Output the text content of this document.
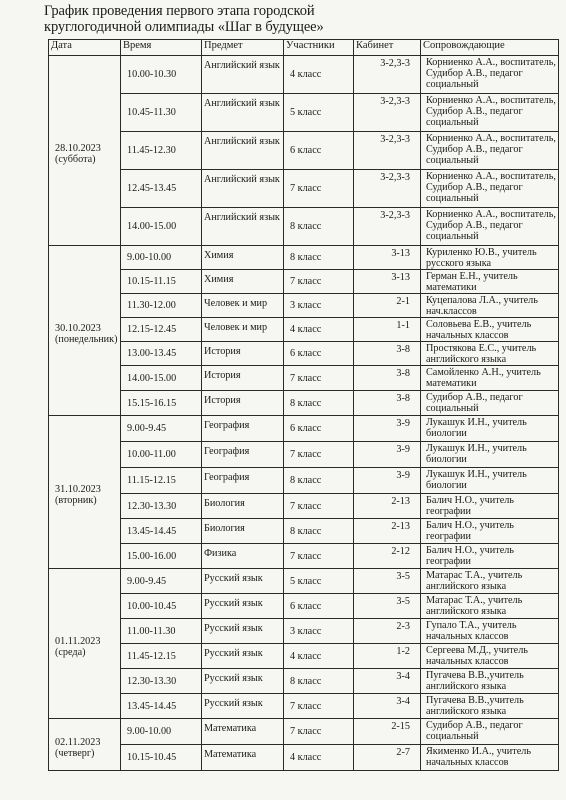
График проведения первого этапа городской
круглогодичной олимпиады «Шаг в будущее»
Дата	Время	Предмет	Участники	Кабинет	Сопровождающие

28.10.2023
(суббота)	10.00-10.30	Английский язык	4 класс	3-2,3-3	Корниенко А.А., воспитатель, Судибор А.В., педагог социальный
	10.45-11.30	Английский язык	5 класс	3-2,3-3	Корниенко А.А., воспитатель, Судибор А.В., педагог социальный
	11.45-12.30	Английский язык	6 класс	3-2,3-3	Корниенко А.А., воспитатель, Судибор А.В., педагог социальный
	12.45-13.45	Английский язык	7 класс	3-2,3-3	Корниенко А.А., воспитатель, Судибор А.В., педагог социальный
	14.00-15.00	Английский язык	8 класс	3-2,3-3	Корниенко А.А., воспитатель, Судибор А.В., педагог социальный

30.10.2023
(понедельник)	9.00-10.00	Химия	8 класс	3-13	Куриленко Ю.В., учитель русского языка
	10.15-11.15	Химия	7 класс	3-13	Герман Е.Н., учитель математики
	11.30-12.00	Человек и мир	3 класс	2-1	Куцепалова Л.А., учитель нач.классов
	12.15-12.45	Человек и мир	4 класс	1-1	Соловьева Е.В., учитель начальных классов
	13.00-13.45	История	6 класс	3-8	Простякова Е.С., учитель английского языка
	14.00-15.00	История	7 класс	3-8	Самойленко А.Н., учитель математики
	15.15-16.15	История	8 класс	3-8	Судибор А.В., педагог социальный

31.10.2023
(вторник)	9.00-9.45	География	6 класс	3-9	Лукашук И.Н., учитель биологии
	10.00-11.00	География	7 класс	3-9	Лукашук И.Н., учитель биологии
	11.15-12.15	География	8 класс	3-9	Лукашук И.Н., учитель биологии
	12.30-13.30	Биология	7 класс	2-13	Балич Н.О., учитель географии
	13.45-14.45	Биология	8 класс	2-13	Балич Н.О., учитель географии
	15.00-16.00	Физика	7 класс	2-12	Балич Н.О., учитель географии

01.11.2023
(среда)	9.00-9.45	Русский язык	5 класс	3-5	Матарас Т.А., учитель английского языка
	10.00-10.45	Русский язык	6 класс	3-5	Матарас Т.А., учитель английского языка
	11.00-11.30	Русский язык	3 класс	2-3	Гупало Т.А., учитель начальных классов
	11.45-12.15	Русский язык	4 класс	1-2	Сергеева М.Д., учитель начальных классов
	12.30-13.30	Русский язык	8 класс	3-4	Пугачева В.В.,учитель английского языка
	13.45-14.45	Русский язык	7 класс	3-4	Пугачева В.В.,учитель английского языка

02.11.2023
(четверг)	9.00-10.00	Математика	7 класс	2-15	Судибор А.В., педагог социальный
	10.15-10.45	Математика	4 класс	2-7	Якименко И.А., учитель начальных классов
